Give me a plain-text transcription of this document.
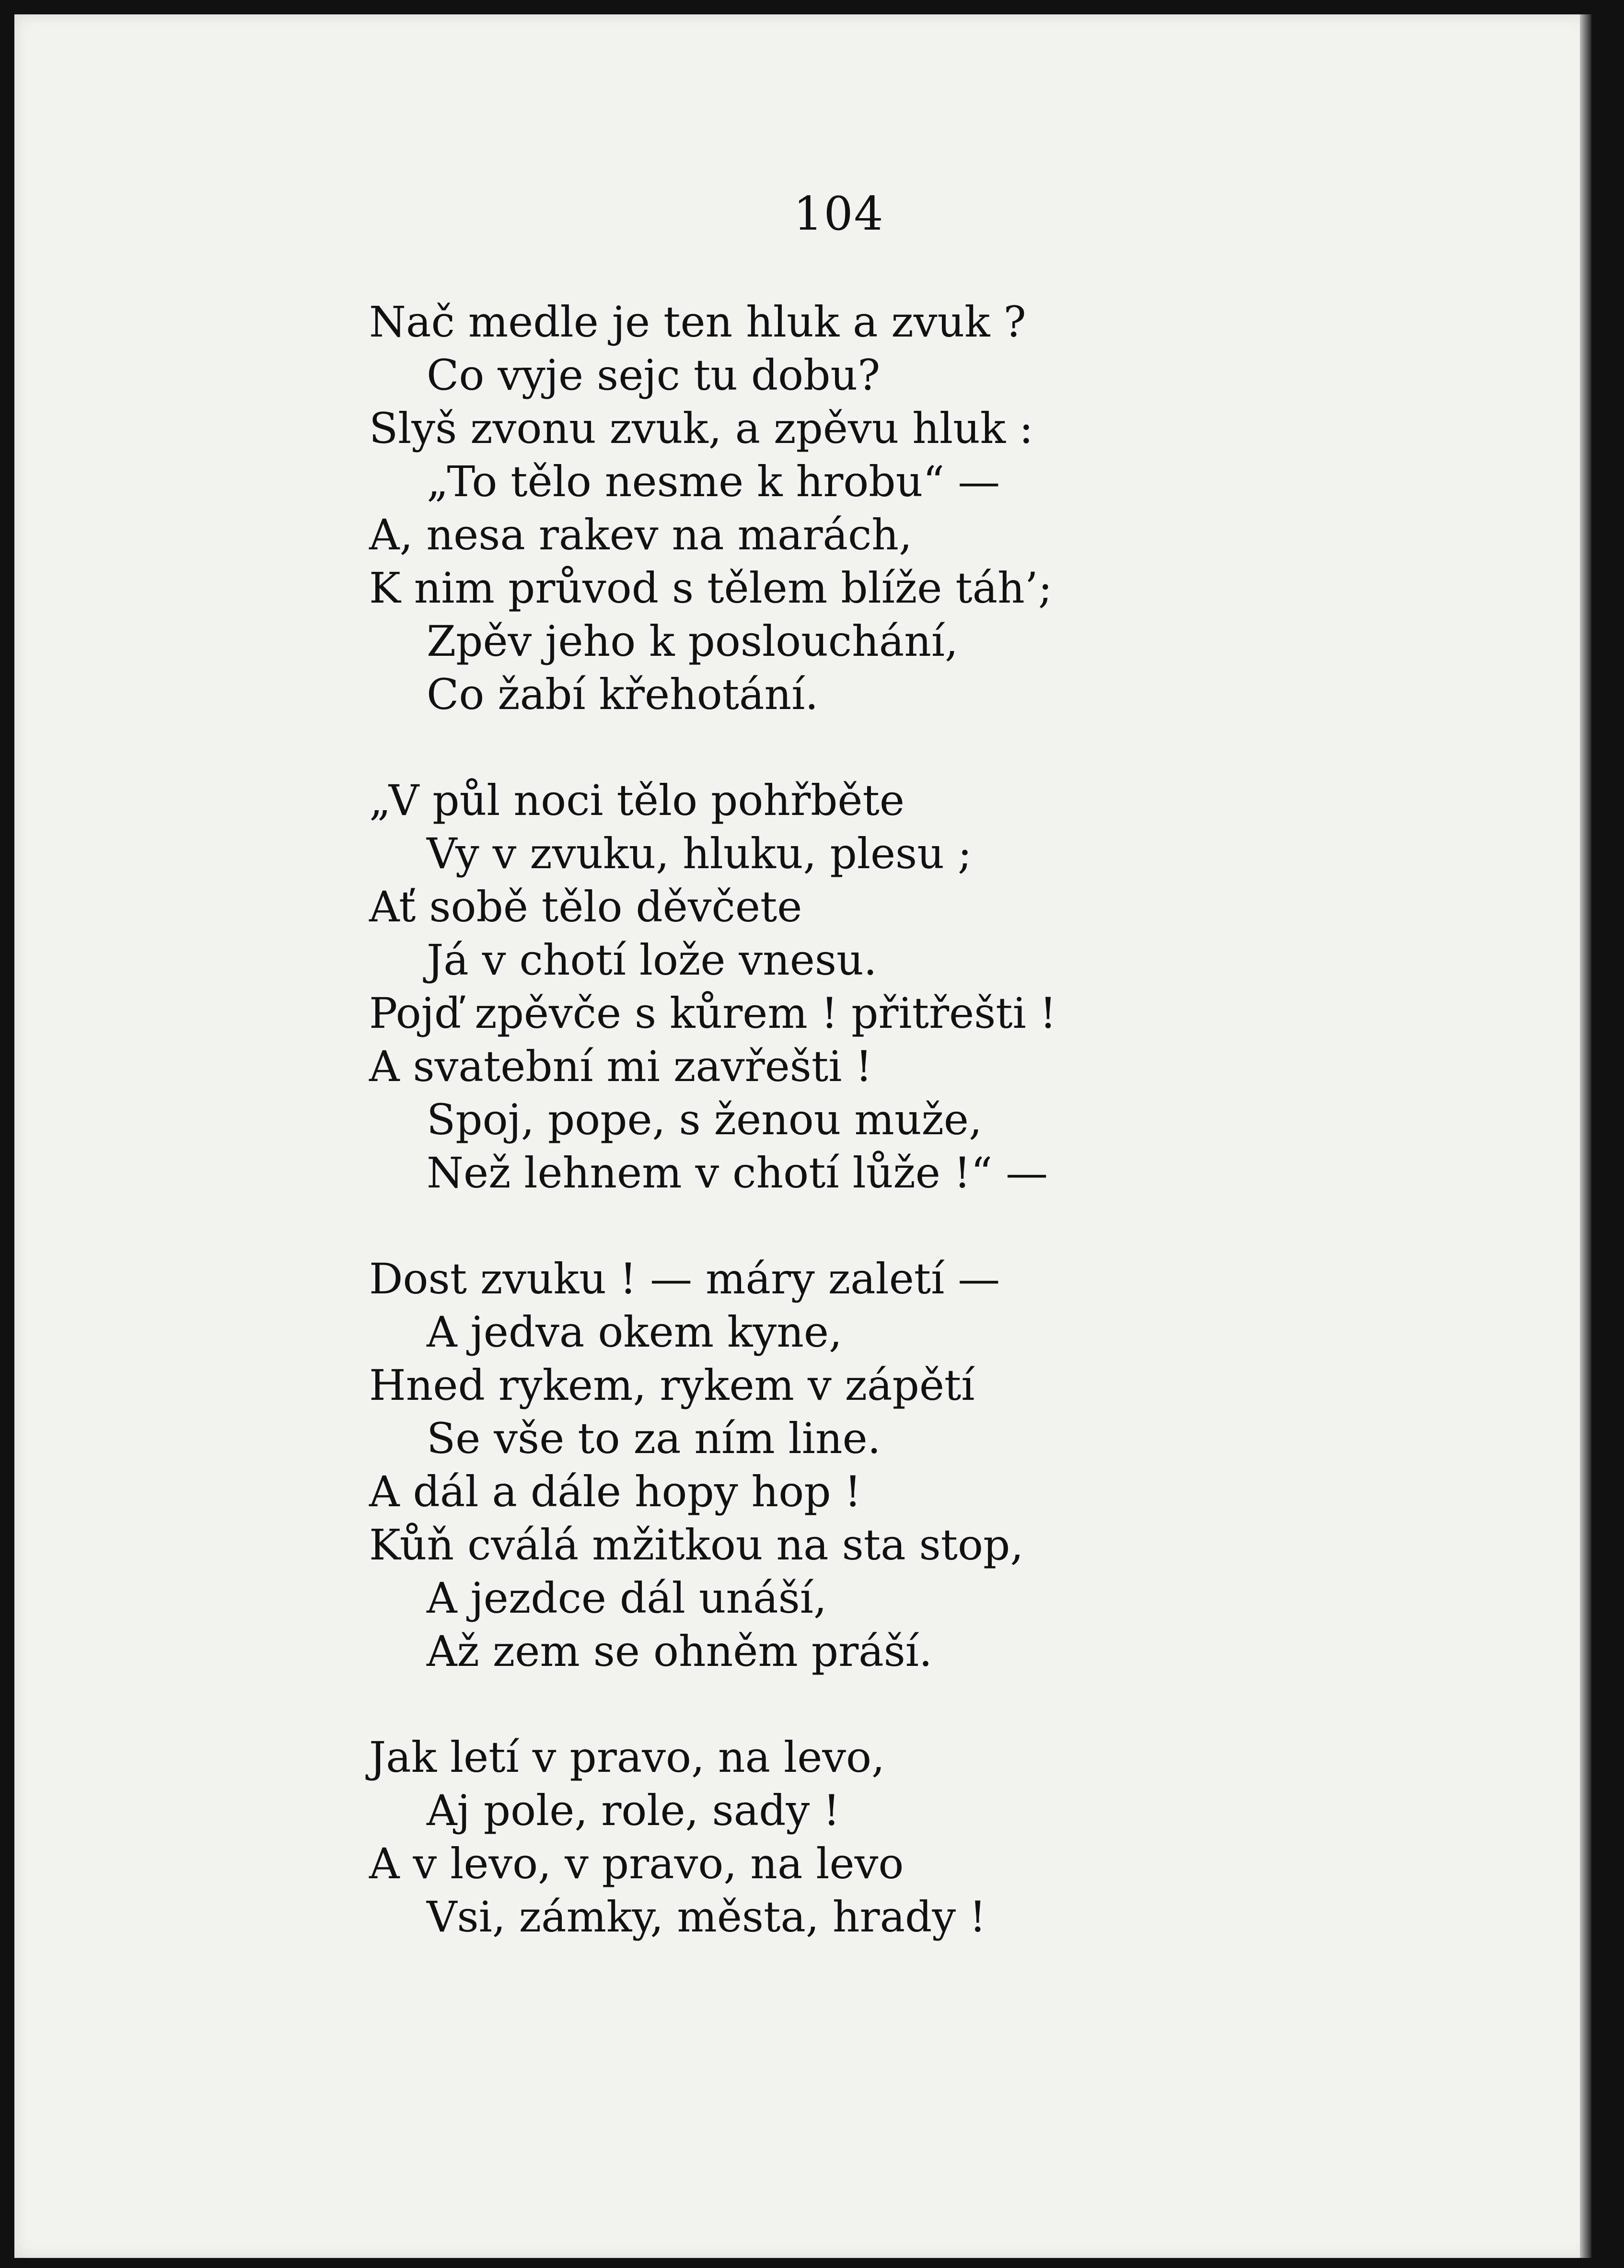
104
Nač medle je ten hluk a zvuk ?
Co vyje sejc tu dobu?
Slyš zvonu zvuk, a zpěvu hluk :
„To tělo nesme k hrobu“ —
A, nesa rakev na marách,
K nim průvod s tělem blíže táh’;
Zpěv jeho k poslouchání,
Co žabí křehotání.
„V půl noci tělo pohřběte
Vy v zvuku, hluku, plesu ;
Ať sobě tělo děvčete
Já v chotí lože vnesu.
Pojď zpěvče s kůrem ! přitřešti !
A svatební mi zavřešti !
Spoj, pope, s ženou muže,
Než lehnem v chotí lůže !“ —
Dost zvuku ! — máry zaletí —
A jedva okem kyne,
Hned rykem, rykem v zápětí
Se vše to za ním line.
A dál a dále hopy hop !
Kůň cválá mžitkou na sta stop,
A jezdce dál unáší,
Až zem se ohněm práší.
Jak letí v pravo, na levo,
Aj pole, role, sady !
A v levo, v pravo, na levo
Vsi, zámky, města, hrady !
